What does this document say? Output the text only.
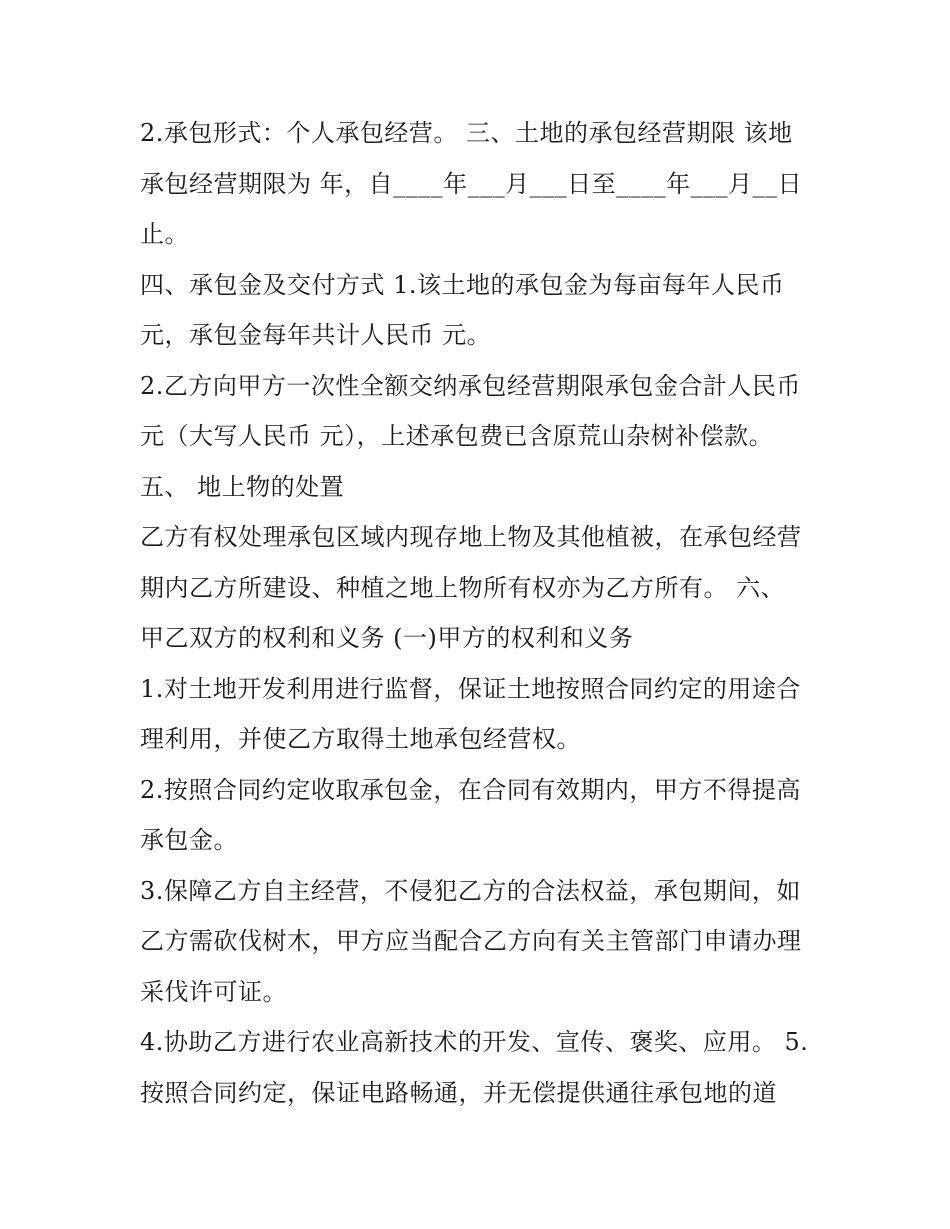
2.承包形式：个人承包经营。 三、土地的承包经营期限 该地
承包经营期限为 年，自____年___月___日至____年___月__日
止。
四、承包金及交付方式 1.该土地的承包金为每亩每年人民币
元，承包金每年共计人民币 元。
2.乙方向甲方一次性全额交纳承包经营期限承包金合計人民币
元（大写人民币 元），上述承包费已含原荒山杂树补偿款。
五、 地上物的处置
乙方有权处理承包区域内现存地上物及其他植被，在承包经营
期内乙方所建设、种植之地上物所有权亦为乙方所有。 六、
甲乙双方的权利和义务 (一)甲方的权利和义务
1.对土地开发利用进行监督，保证土地按照合同约定的用途合
理利用，并使乙方取得土地承包经营权。
2.按照合同约定收取承包金，在合同有效期内，甲方不得提高
承包金。
3.保障乙方自主经营，不侵犯乙方的合法权益，承包期间，如
乙方需砍伐树木，甲方应当配合乙方向有关主管部门申请办理
采伐许可证。
4.协助乙方进行农业高新技术的开发、宣传、褒奖、应用。 5.
按照合同约定，保证电路畅通，并无偿提供通往承包地的道
